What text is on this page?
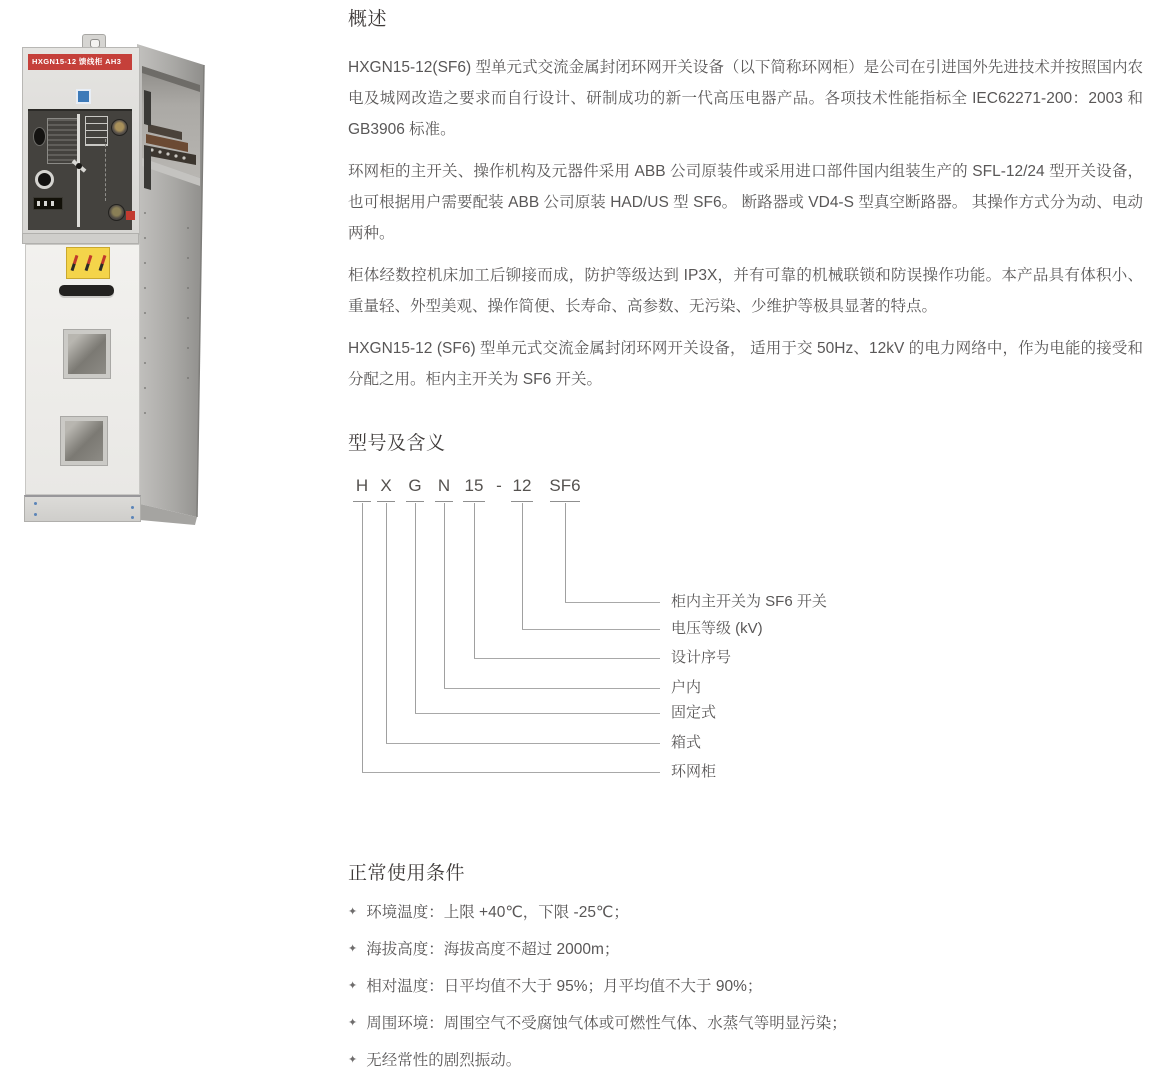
HXGN15-12 馈线柜 AH3
概述

HXGN15-12(SF6) 型单元式交流金属封闭环网开关设备（以下简称环网柜）是公司在引进国外先进技术并按照国内农电及城网改造之要求而自行设计、研制成功的新一代高压电器产品。各项技术性能指标全 IEC62271-200：2003 和 GB3906 标准。

环网柜的主开关、操作机构及元器件采用 ABB 公司原装件或采用进口部件国内组装生产的 SFL-12/24 型开关设备，也可根据用户需要配装 ABB 公司原装 HAD/US 型 SF6。 断路器或 VD4-S 型真空断路器。 其操作方式分为动、电动两种。

柜体经数控机床加工后铆接而成，防护等级达到 IP3X，并有可靠的机械联锁和防误操作功能。本产品具有体积小、重量轻、外型美观、操作简便、长寿命、高参数、无污染、少维护等极具显著的特点。

HXGN15-12 (SF6) 型单元式交流金属封闭环网开关设备， 适用于交 50Hz、12kV 的电力网络中，作为电能的接受和分配之用。柜内主开关为 SF6 开关。

型号及含义
H X G N 15 - 12 SF6
柜内主开关为 SF6 开关
电压等级 (kV)
设计序号
户内
固定式
箱式
环网柜
正常使用条件
✦ 环境温度：上限 +40℃，下限 -25℃；
✦ 海拔高度：海拔高度不超过 2000m；
✦ 相对温度：日平均值不大于 95%；月平均值不大于 90%；
✦ 周围环境：周围空气不受腐蚀气体或可燃性气体、水蒸气等明显污染；
✦ 无经常性的剧烈振动。
